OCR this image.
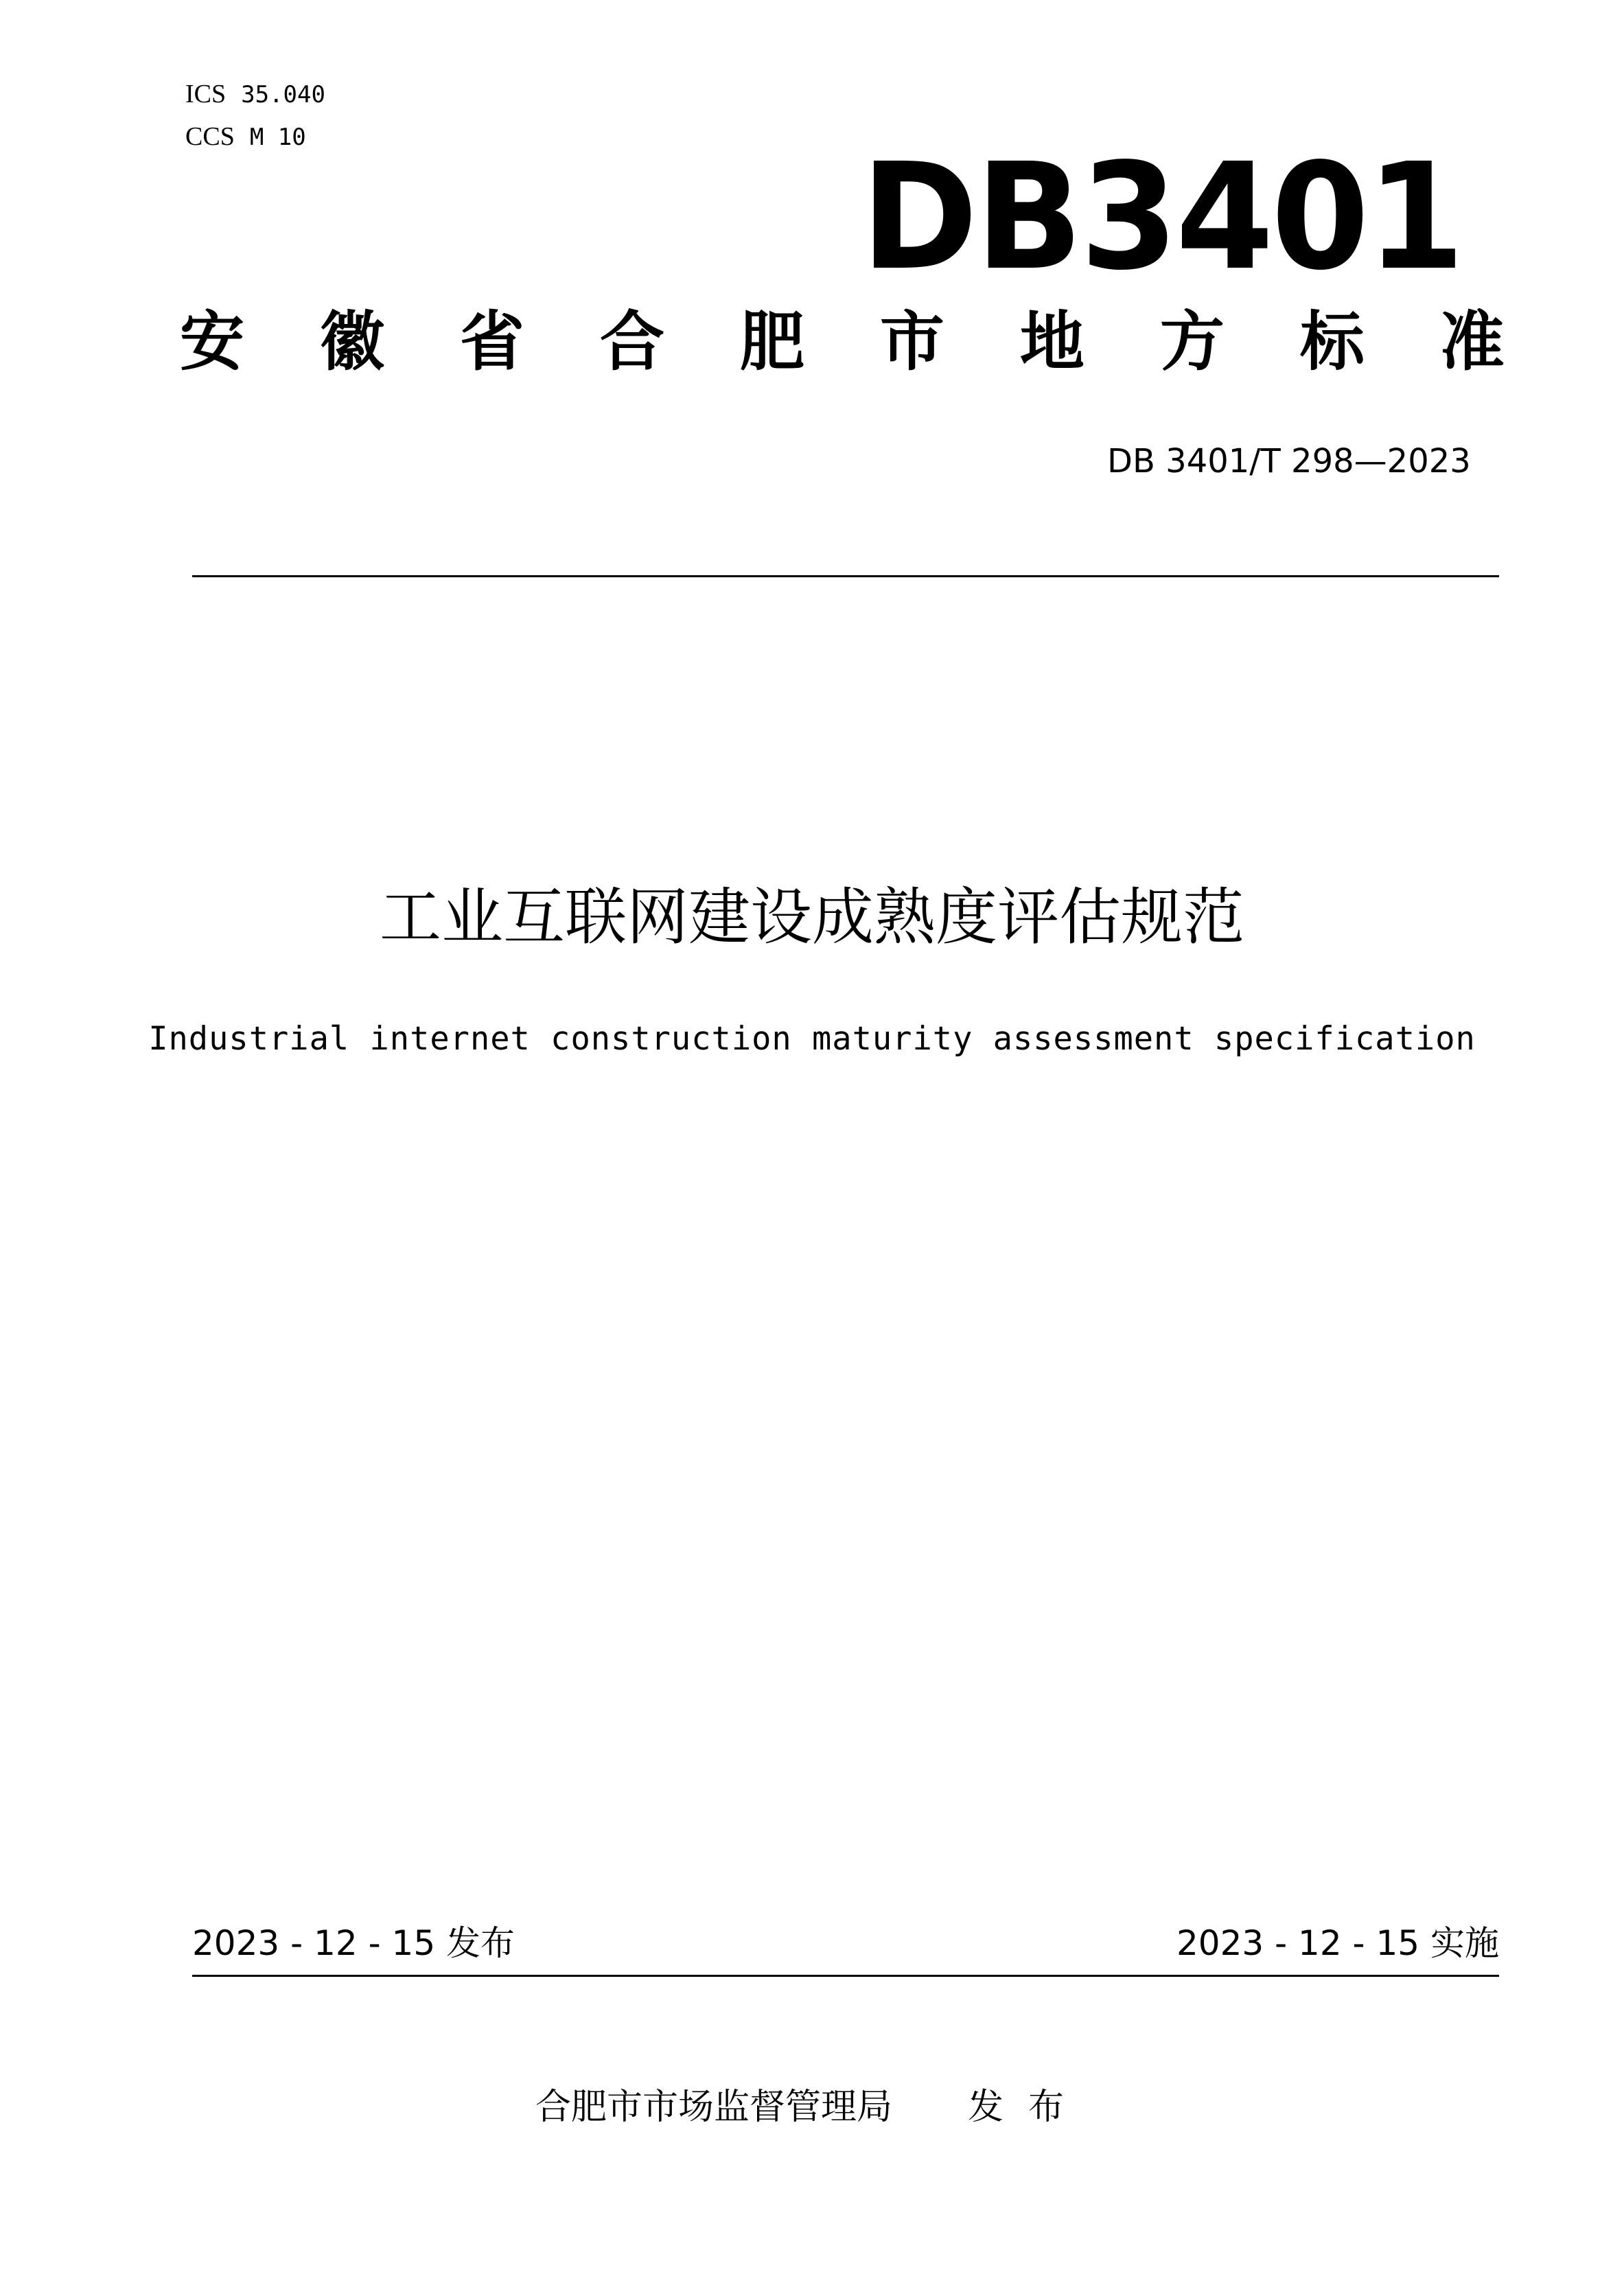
ICS 35.040
CCS M 10	DB3401
安 徽 省 合 肥 市 地 方 标 准
DB 3401/T 298—2023
工业互联网建设成熟度评估规范
Industrial internet construction maturity assessment specification
2023 - 12 - 15 发布	2023 - 12 - 15 实施
合肥市市场监督管理局 发布
